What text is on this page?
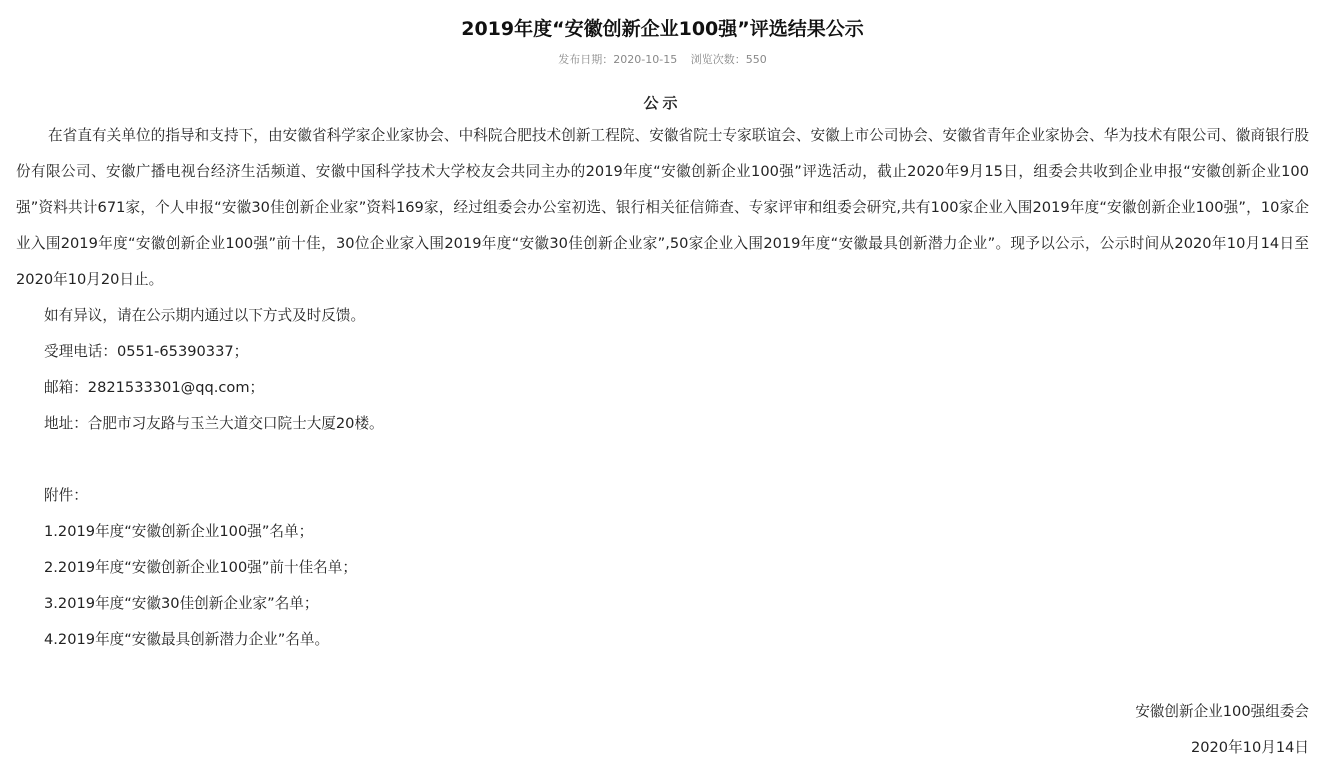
2019年度“安徽创新企业100强”评选结果公示
发布日期：2020-10-15 浏览次数：550
公示

在省直有关单位的指导和支持下，由安徽省科学家企业家协会、中科院合肥技术创新工程院、安徽省院士专家联谊会、安徽上市公司协会、安徽省青年企业家协会、华为技术有限公司、徽商银行股份有限公司、安徽广播电视台经济生活频道、安徽中国科学技术大学校友会共同主办的2019年度“安徽创新企业100强”评选活动，截止2020年9月15日，组委会共收到企业申报“安徽创新企业100强”资料共计671家，个人申报“安徽30佳创新企业家”资料169家，经过组委会办公室初选、银行相关征信筛查、专家评审和组委会研究,共有100家企业入围2019年度“安徽创新企业100强”，10家企业入围2019年度“安徽创新企业100强”前十佳，30位企业家入围2019年度“安徽30佳创新企业家”,50家企业入围2019年度“安徽最具创新潜力企业”。现予以公示，公示时间从2020年10月14日至2020年10月20日止。

如有异议，请在公示期内通过以下方式及时反馈。
受理电话：0551-65390337；
邮箱：2821533301@qq.com；
地址：合肥市习友路与玉兰大道交口院士大厦20楼。
附件：
1.2019年度“安徽创新企业100强”名单；
2.2019年度“安徽创新企业100强”前十佳名单；
3.2019年度“安徽30佳创新企业家”名单；
4.2019年度“安徽最具创新潜力企业”名单。
安徽创新企业100强组委会
2020年10月14日
